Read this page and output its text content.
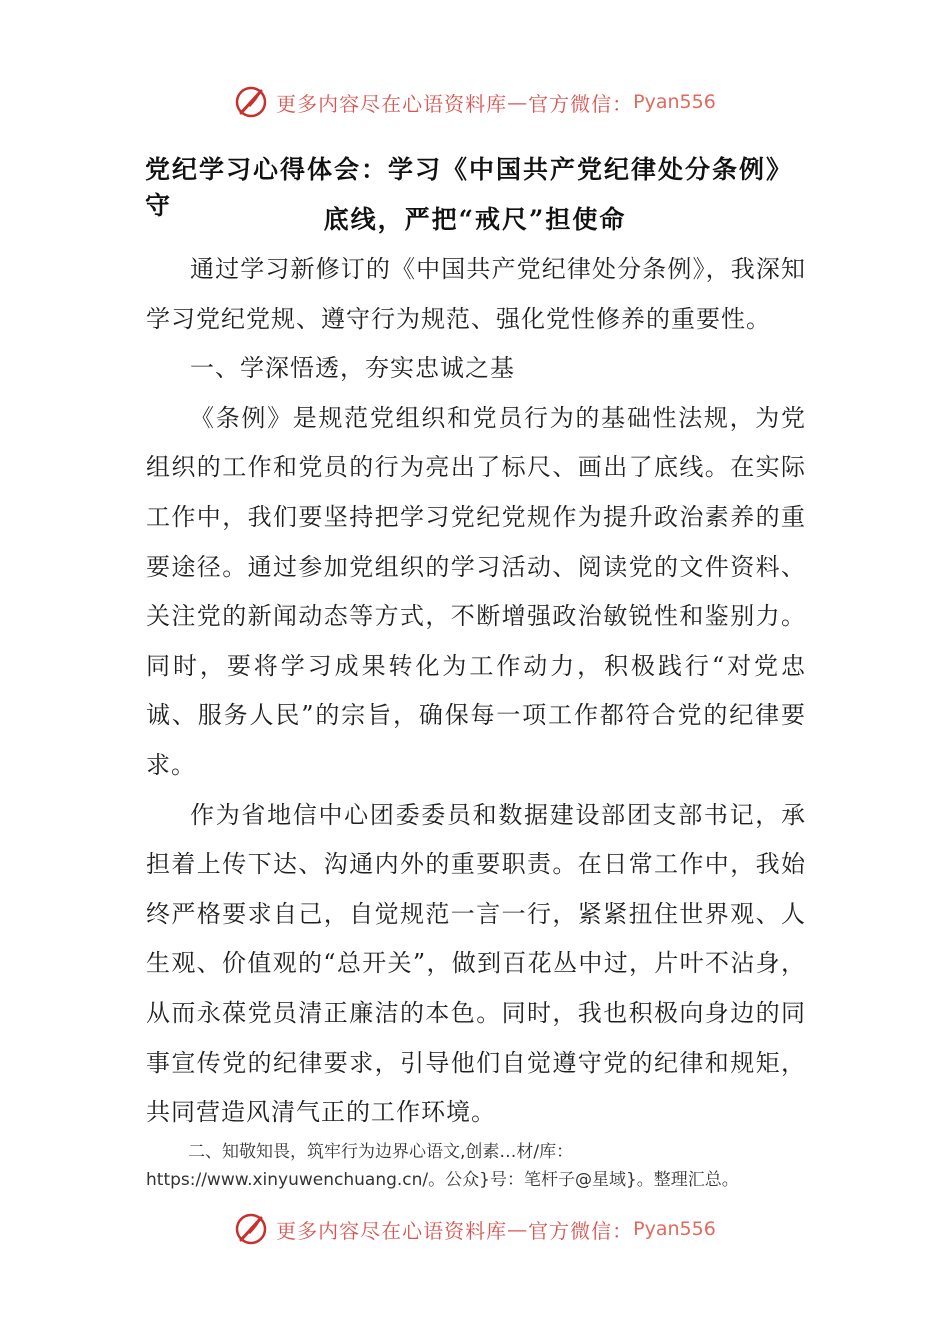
更多内容尽在心语资料库 — 官方微信： Pyan556
党纪学习心得体会：学习《中国共产党纪律处分条例》守	底线，严把“戒尺”担使命

通过学习新修订的《中国共产党纪律处分条例》，我深知学习党纪党规、遵守行为规范、强化党性修养的重要性。

一、学深悟透，夯实忠诚之基

《条例》是规范党组织和党员行为的基础性法规，为党组织的工作和党员的行为亮出了标尺、画出了底线。在实际工作中，我们要坚持把学习党纪党规作为提升政治素养的重要途径。通过参加党组织的学习活动、阅读党的文件资料、关注党的新闻动态等方式，不断增强政治敏锐性和鉴别力。同时，要将学习成果转化为工作动力，积极践行“对党忠诚、服务人民”的宗旨，确保每一项工作都符合党的纪律要求。

作为省地信中心团委委员和数据建设部团支部书记，承担着上传下达、沟通内外的重要职责。在日常工作中，我始终严格要求自己，自觉规范一言一行，紧紧扭住世界观、人生观、价值观的“总开关”，做到百花丛中过，片叶不沾身，从而永葆党员清正廉洁的本色。同时，我也积极向身边的同事宣传党的纪律要求，引导他们自觉遵守党的纪律和规矩，共同营造风清气正的工作环境。

二、知敬知畏，筑牢行为边界心语文,创素…材/库：https://www.xinyuwenchuang.cn/。公众}号：笔杆子@星域}。整理汇总。

更多内容尽在心语资料库 — 官方微信： Pyan556
